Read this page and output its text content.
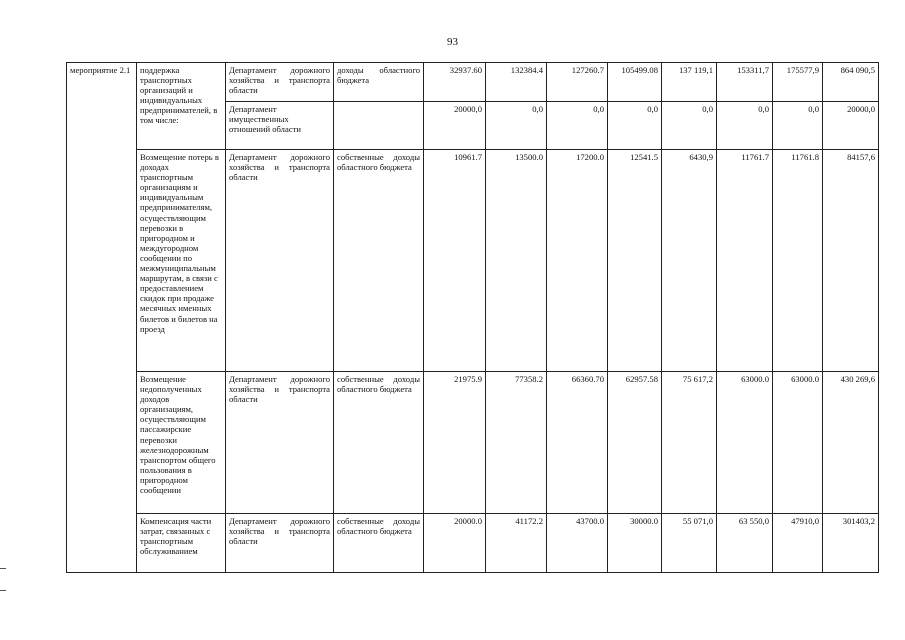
93
мероприятие 2.1	поддержка транспортных организаций и индивидуальных предпринимателей, в том числе:	Департамент дорожного хозяйства и транспорта области	доходы областного бюджета	32937.60	132384.4	127260.7	105499.08	137 119,1	153311,7	175577,9	864 090,5
		Департамент имущественных отношений области		20000,0	0,0	0,0	0,0	0,0	0,0	0,0	20000,0
	Возмещение потерь в доходах транспортным организациям и индивидуальным предпринимателям, осуществляющим перевозки в пригородном и междугородном сообщении по межмуниципальным маршрутам, в связи с предоставлением скидок при продаже месячных именных билетов и билетов на проезд	Департамент дорожного хозяйства и транспорта области	собственные доходы областного бюджета	10961.7	13500.0	17200.0	12541.5	6430,9	11761.7	11761.8	84157,6
	Возмещение недополученных доходов организациям, осуществляющим пассажирские перевозки железнодорожным транспортом общего пользования в пригородном сообщении	Департамент дорожного хозяйства и транспорта области	собственные доходы областного бюджета	21975.9	77358.2	66360.70	62957.58	75 617,2	63000.0	63000.0	430 269,6
	Компенсация части затрат, связанных с транспортным обслуживанием	Департамент дорожного хозяйства и транспорта области	собственные доходы областного бюджета	20000.0	41172.2	43700.0	30000.0	55 071,0	63 550,0	47910,0	301403,2
